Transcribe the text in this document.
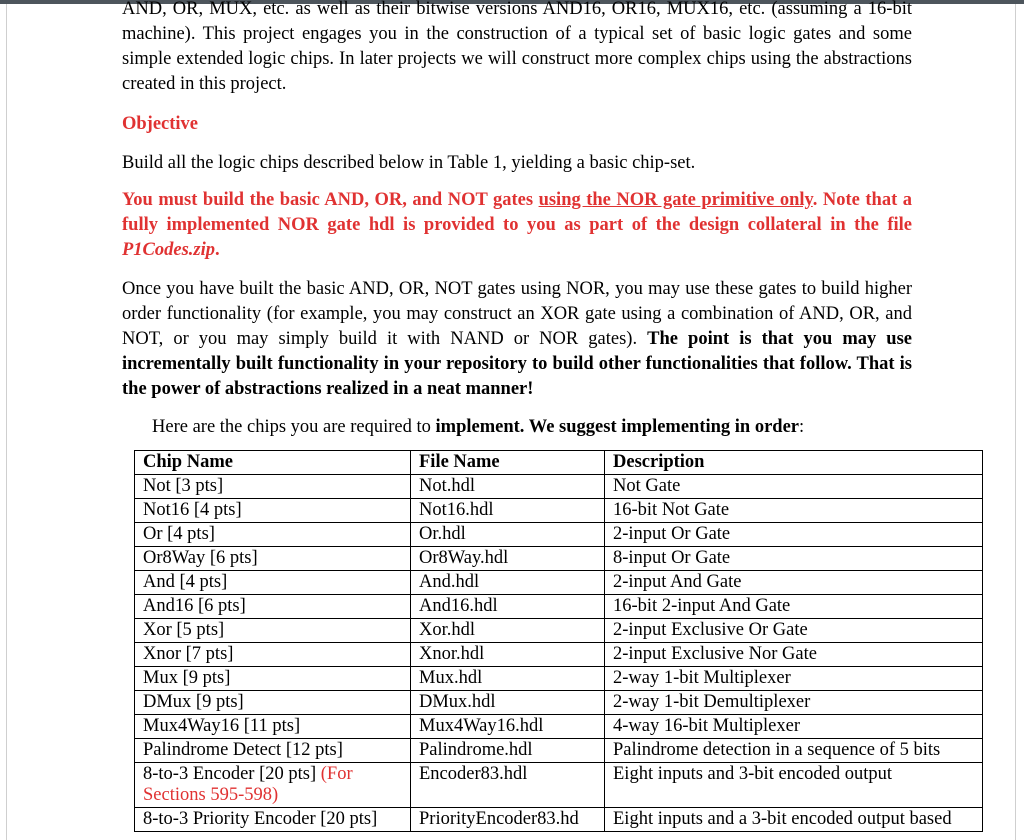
AND, OR, MUX, etc. as well as their bitwise versions AND16, OR16, MUX16, etc. (assuming a 16-bit machine). This project engages you in the construction of a typical set of basic logic gates and some simple extended logic chips. In later projects we will construct more complex chips using the abstractions created in this project.
Objective
Build all the logic chips described below in Table 1, yielding a basic chip-set.
You must build the basic AND, OR, and NOT gates using the NOR gate primitive only. Note that a fully implemented NOR gate hdl is provided to you as part of the design collateral in the file P1Codes.zip.
Once you have built the basic AND, OR, NOT gates using NOR, you may use these gates to build higher order functionality (for example, you may construct an XOR gate using a combination of AND, OR, and NOT, or you may simply build it with NAND or NOR gates). The point is that you may use incrementally built functionality in your repository to build other functionalities that follow. That is the power of abstractions realized in a neat manner!
Here are the chips you are required to implement. We suggest implementing in order:
Chip Name	File Name	Description
Not [3 pts]	Not.hdl	Not Gate
Not16 [4 pts]	Not16.hdl	16-bit Not Gate
Or [4 pts]	Or.hdl	2-input Or Gate
Or8Way [6 pts]	Or8Way.hdl	8-input Or Gate
And [4 pts]	And.hdl	2-input And Gate
And16 [6 pts]	And16.hdl	16-bit 2-input And Gate
Xor [5 pts]	Xor.hdl	2-input Exclusive Or Gate
Xnor [7 pts]	Xnor.hdl	2-input Exclusive Nor Gate
Mux [9 pts]	Mux.hdl	2-way 1-bit Multiplexer
DMux [9 pts]	DMux.hdl	2-way 1-bit Demultiplexer
Mux4Way16 [11 pts]	Mux4Way16.hdl	4-way 16-bit Multiplexer
Palindrome Detect [12 pts]	Palindrome.hdl	Palindrome detection in a sequence of 5 bits
8-to-3 Encoder [20 pts] (For Sections 595-598)	Encoder83.hdl	Eight inputs and 3-bit encoded output
8-to-3 Priority Encoder [20 pts]	PriorityEncoder83.hd	Eight inputs and a 3-bit encoded output based
